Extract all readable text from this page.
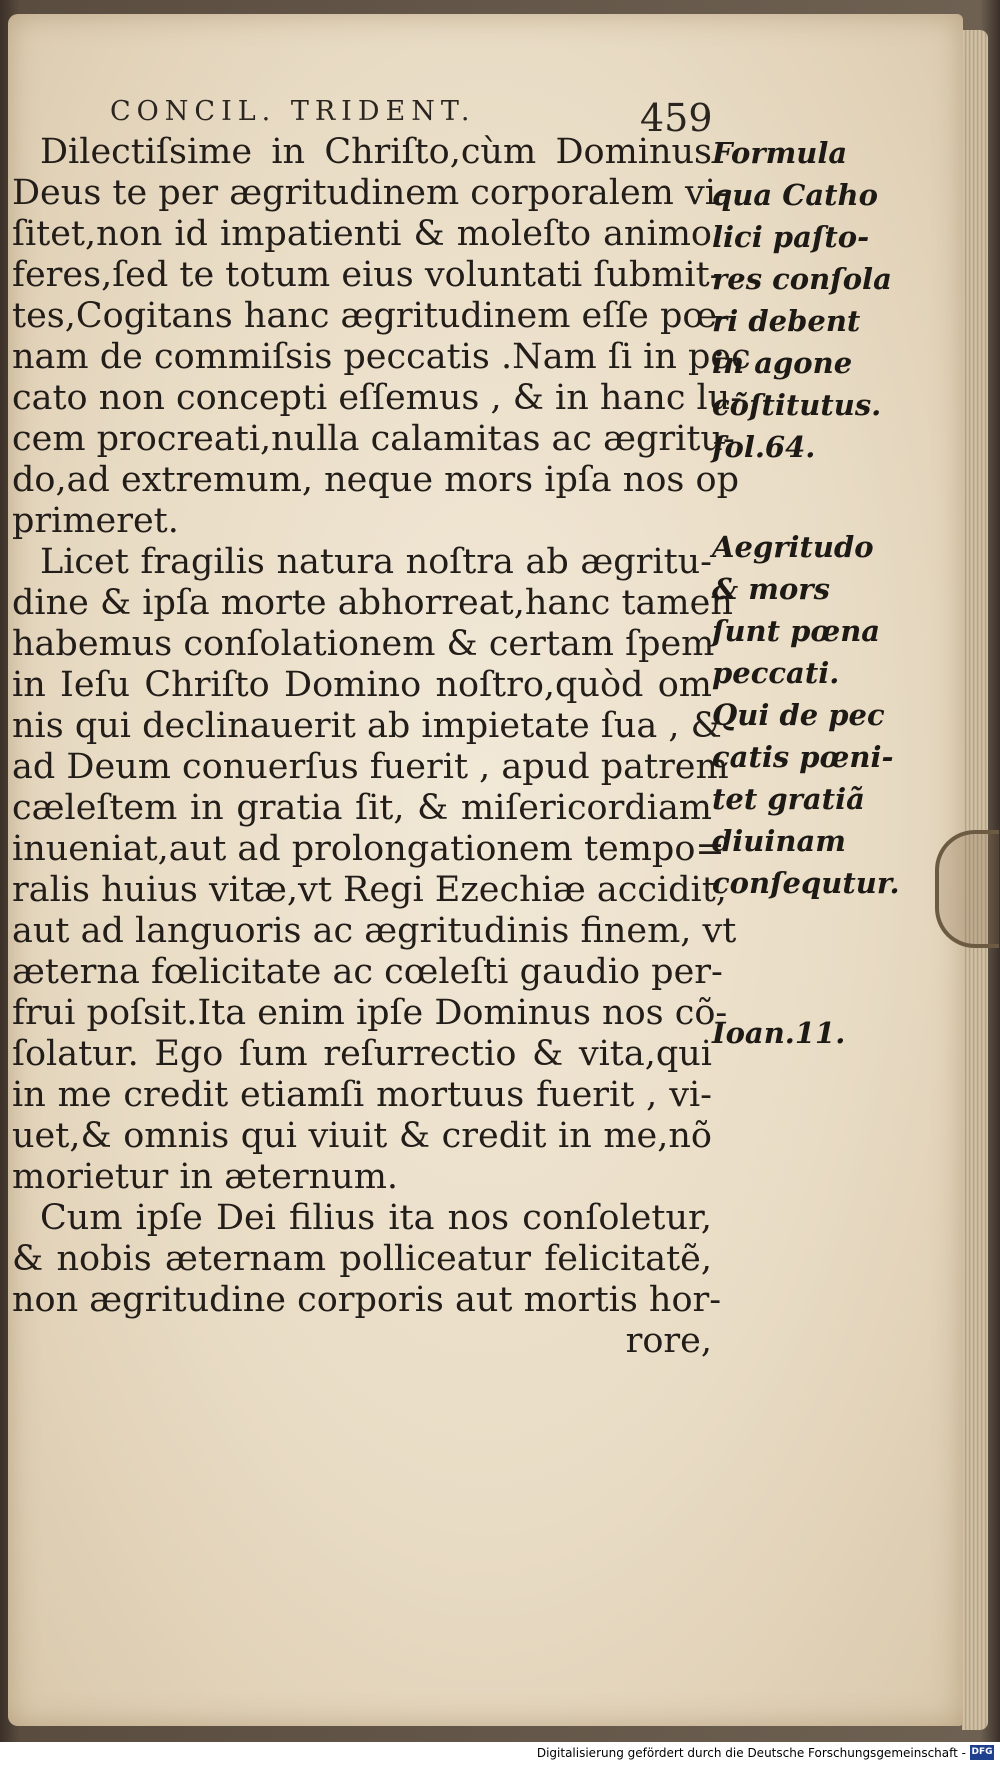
CONCIL. TRIDENT.	459
Dilectiſsime in Chriſto,cùm Dominus
Deus te per ægritudinem corporalem vi-
ſitet,non id impatienti & moleſto animo
feres,ſed te totum eius voluntati ſubmit-
tes,Cogitans hanc ægritudinem eſſe pœ-
nam de commiſsis peccatis .Nam ſi in pec
cato non concepti eſſemus , & in hanc lu-
cem procreati,nulla calamitas ac ægritu-
do,ad extremum, neque mors ipſa nos op
primeret.
Licet fragilis natura noſtra ab ægritu-
dine & ipſa morte abhorreat,hanc tamen
habemus conſolationem & certam ſpem
in Ieſu Chriſto Domino noſtro,quòd om
nis qui declinauerit ab impietate ſua , &
ad Deum conuerſus fuerit , apud patrem
cæleſtem in gratia ſit, & miſericordiam
inueniat,aut ad prolongationem tempo=
ralis huius vitæ,vt Regi Ezechiæ accidit,
aut ad languoris ac ægritudinis finem, vt
æterna fœlicitate ac cœleſti gaudio per-
frui poſsit.Ita enim ipſe Dominus nos cõ-
ſolatur. Ego ſum reſurrectio & vita,qui
in me credit etiamſi mortuus fuerit , vi-
uet,& omnis qui viuit & credit in me,nõ
morietur in æternum.
Cum ipſe Dei filius ita nos conſoletur,
& nobis æternam polliceatur felicitatẽ,
non ægritudine corporis aut mortis hor-
rore,
Formula
qua Catho
lici paſto-
res conſola
ri debent
in agone
cõſtitutus.
fol.64.
Aegritudo
& mors
ſunt pœna
peccati.
Qui de pec
catis pœni-
tet gratiã
diuinam
conſequtur.
Ioan.11.
Digitalisierung gefördert durch die Deutsche Forschungsgemeinschaft - DFG
